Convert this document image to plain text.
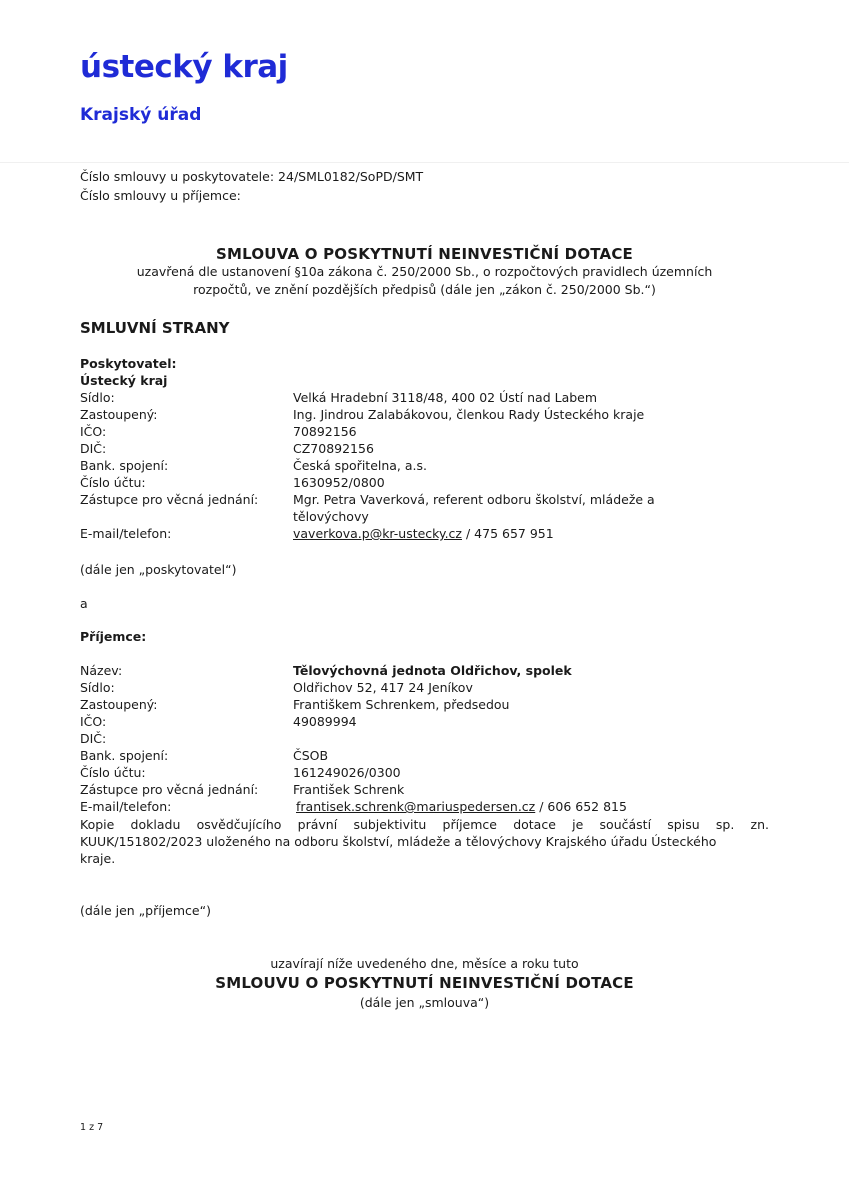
ústecký kraj
Krajský úřad
Číslo smlouvy u poskytovatele: 24/SML0182/SoPD/SMT
Číslo smlouvy u příjemce:
SMLOUVA O POSKYTNUTÍ NEINVESTIČNÍ DOTACE
uzavřená dle ustanovení §10a zákona č. 250/2000 Sb., o rozpočtových pravidlech územních
rozpočtů, ve znění pozdějších předpisů (dále jen „zákon č. 250/2000 Sb.“)
SMLUVNÍ STRANY
Poskytovatel:
Ústecký kraj
Sídlo:	Velká Hradební 3118/48, 400 02 Ústí nad Labem
Zastoupený:	Ing. Jindrou Zalabákovou, členkou Rady Ústeckého kraje
IČO:	70892156
DIČ:	CZ70892156
Bank. spojení:	Česká spořitelna, a.s.
Číslo účtu:	1630952/0800
Zástupce pro věcná jednání:	Mgr. Petra Vaverková, referent odboru školství, mládeže a
tělovýchovy
E-mail/telefon:	vaverkova.p@kr-ustecky.cz / 475 657 951
(dále jen „poskytovatel“)
a
Příjemce:
Název:	Tělovýchovná jednota Oldřichov, spolek
Sídlo:	Oldřichov 52, 417 24 Jeníkov
Zastoupený:	Františkem Schrenkem, předsedou
IČO:	49089994
DIČ:
Bank. spojení:	ČSOB
Číslo účtu:	161249026/0300
Zástupce pro věcná jednání:	František Schrenk
E-mail/telefon:	frantisek.schrenk@mariuspedersen.cz / 606 652 815
Kopie dokladu osvědčujícího právní subjektivitu příjemce dotace je součástí spisu sp. zn.
KUUK/151802/2023 uloženého na odboru školství, mládeže a tělovýchovy Krajského úřadu Ústeckého
kraje.
(dále jen „příjemce“)
uzavírají níže uvedeného dne, měsíce a roku tuto
SMLOUVU O POSKYTNUTÍ NEINVESTIČNÍ DOTACE
(dále jen „smlouva“)
1 z 7
